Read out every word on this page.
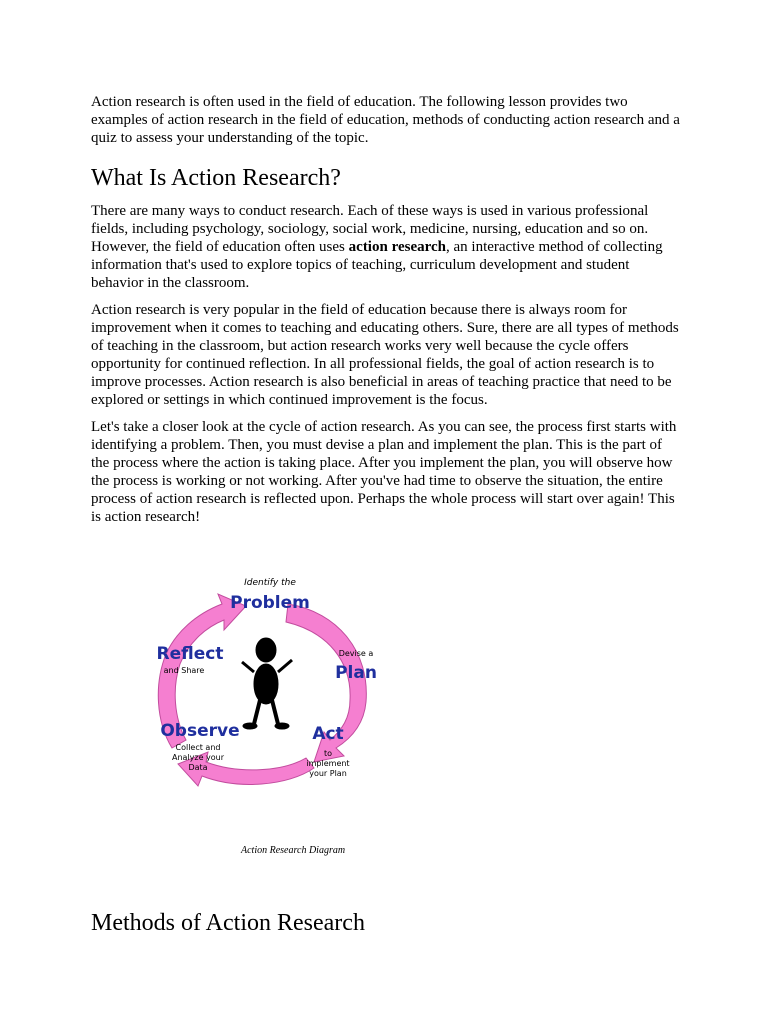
Action research is often used in the field of education. The following lesson provides two examples of action research in the field of education, methods of conducting action research and a quiz to assess your understanding of the topic.

What Is Action Research?

There are many ways to conduct research. Each of these ways is used in various professional fields, including psychology, sociology, social work, medicine, nursing, education and so on. However, the field of education often uses action research, an interactive method of collecting information that's used to explore topics of teaching, curriculum development and student behavior in the classroom.

Action research is very popular in the field of education because there is always room for improvement when it comes to teaching and educating others. Sure, there are all types of methods of teaching in the classroom, but action research works very well because the cycle offers opportunity for continued reflection. In all professional fields, the goal of action research is to improve processes. Action research is also beneficial in areas of teaching practice that need to be explored or settings in which continued improvement is the focus.

Let's take a closer look at the cycle of action research. As you can see, the process first starts with identifying a problem. Then, you must devise a plan and implement the plan. This is the part of the process where the action is taking place. After you implement the plan, you will observe how the process is working or not working. After you've had time to observe the situation, the entire process of action research is reflected upon. Perhaps the whole process will start over again! This is action research!

Identify the
Problem
Reflect
and Share
Devise a
Plan
Observe
Collect and
Analyze your
Data
Act
to
implement
your Plan
Action Research Diagram
Methods of Action Research
